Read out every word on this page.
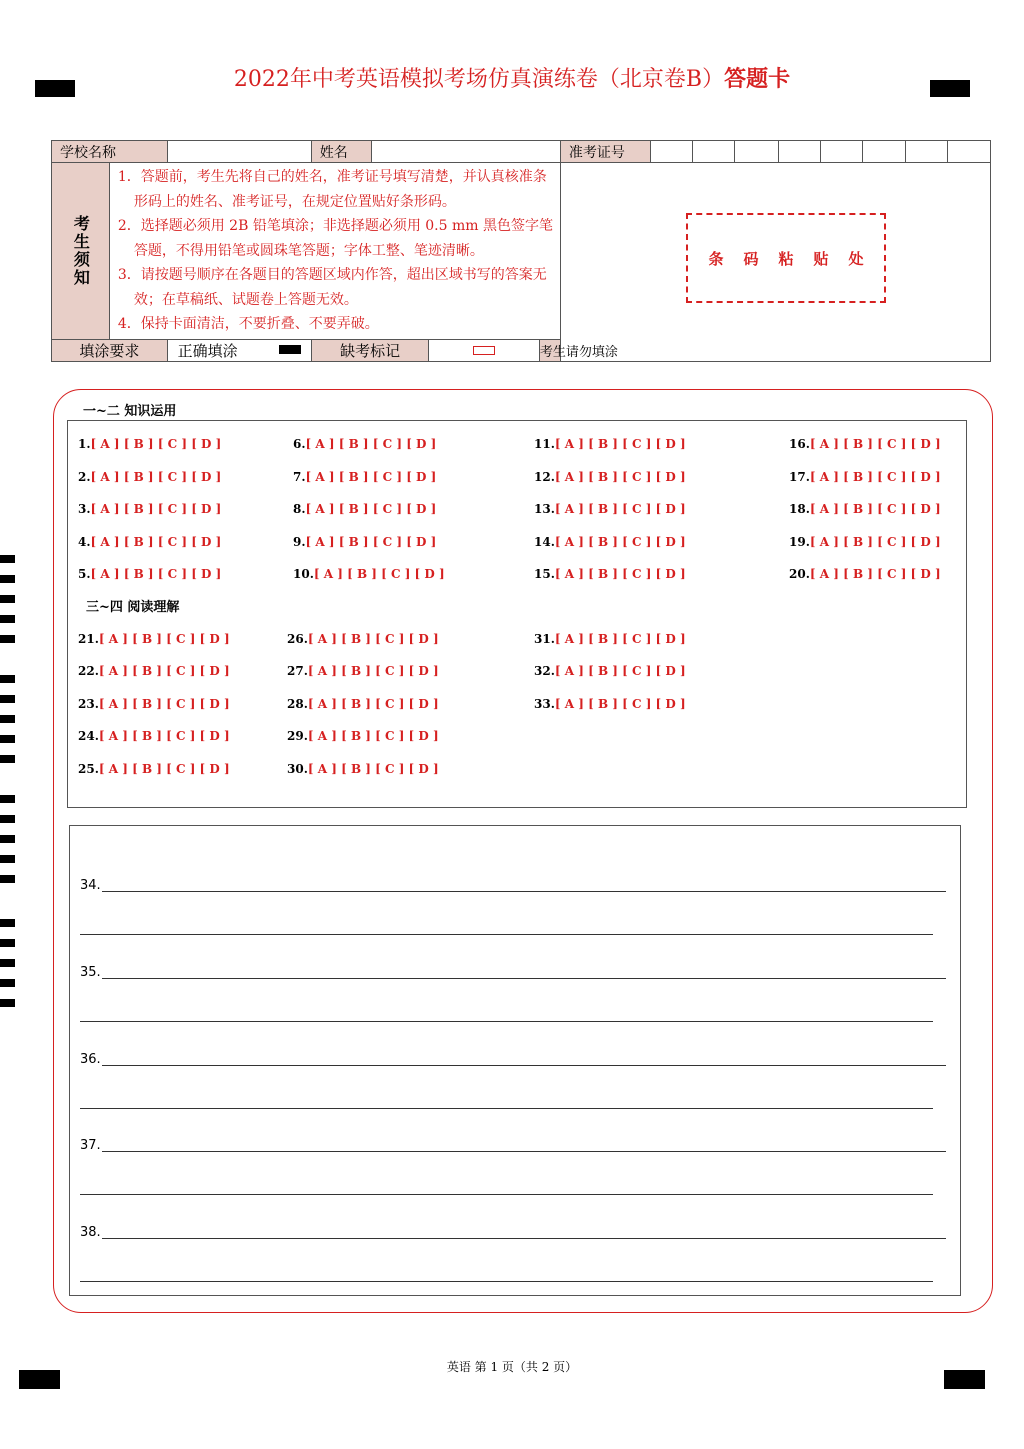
2022年中考英语模拟考场仿真演练卷（北京卷B）答题卡
学校名称			姓名				准考证号								

考生须知	1．答题前，考生先将自己的姓名，准考证号填写清楚，并认真核准条形码上的姓名、准考证号，在规定位置贴好条形码。
2．选择题必须用 2B 铅笔填涂；非选择题必须用 0.5 mm 黑色签字笔答题，不得用铅笔或圆珠笔答题；字体工整、笔迹清晰。
3．请按题号顺序在各题目的答题区域内作答，超出区域书写的答案无效；在草稿纸、试题卷上答题无效。
4．保持卡面清洁，不要折叠、不要弄破。														

填涂要求		正确填涂	缺考标记			考生请勿填涂									
条码粘贴处
一~二 知识运用
三~四 阅读理解
1.[ A ] [ B ] [ C ] [ D ]
2.[ A ] [ B ] [ C ] [ D ]
3.[ A ] [ B ] [ C ] [ D ]
4.[ A ] [ B ] [ C ] [ D ]
5.[ A ] [ B ] [ C ] [ D ]
6.[ A ] [ B ] [ C ] [ D ]
7.[ A ] [ B ] [ C ] [ D ]
8.[ A ] [ B ] [ C ] [ D ]
9.[ A ] [ B ] [ C ] [ D ]
10.[ A ] [ B ] [ C ] [ D ]
11.[ A ] [ B ] [ C ] [ D ]
12.[ A ] [ B ] [ C ] [ D ]
13.[ A ] [ B ] [ C ] [ D ]
14.[ A ] [ B ] [ C ] [ D ]
15.[ A ] [ B ] [ C ] [ D ]
16.[ A ] [ B ] [ C ] [ D ]
17.[ A ] [ B ] [ C ] [ D ]
18.[ A ] [ B ] [ C ] [ D ]
19.[ A ] [ B ] [ C ] [ D ]
20.[ A ] [ B ] [ C ] [ D ]
21.[ A ] [ B ] [ C ] [ D ]
22.[ A ] [ B ] [ C ] [ D ]
23.[ A ] [ B ] [ C ] [ D ]
24.[ A ] [ B ] [ C ] [ D ]
25.[ A ] [ B ] [ C ] [ D ]
26.[ A ] [ B ] [ C ] [ D ]
27.[ A ] [ B ] [ C ] [ D ]
28.[ A ] [ B ] [ C ] [ D ]
29.[ A ] [ B ] [ C ] [ D ]
30.[ A ] [ B ] [ C ] [ D ]
31.[ A ] [ B ] [ C ] [ D ]
32.[ A ] [ B ] [ C ] [ D ]
33.[ A ] [ B ] [ C ] [ D ]
34.
35.
36.
37.
38.
英语 第 1 页（共 2 页）
